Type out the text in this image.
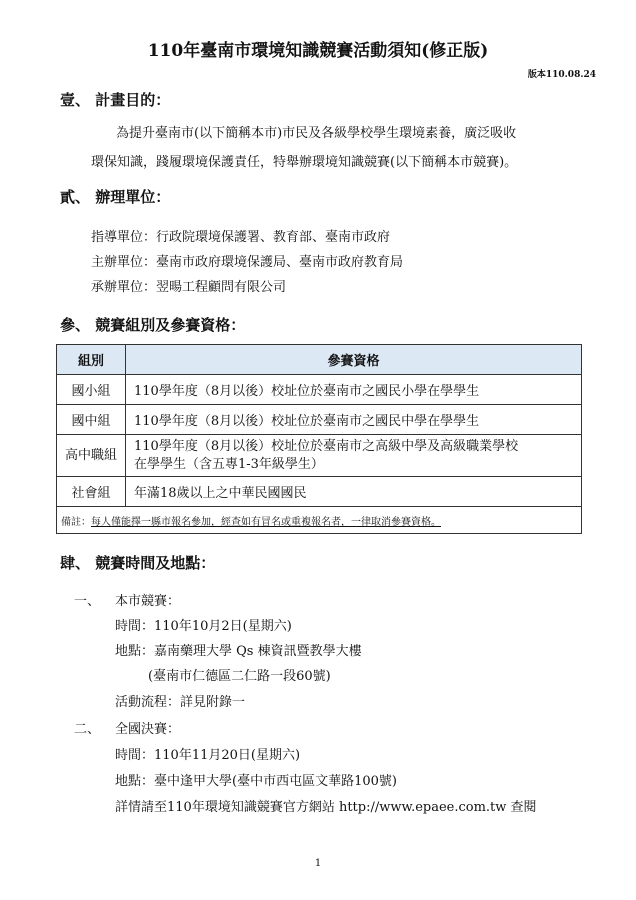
110年臺南市環境知識競賽活動須知(修正版)
版本110.08.24
壹、 計畫目的：
為提升臺南市(以下簡稱本市)市民及各級學校學生環境素養，廣泛吸收
環保知識，踐履環境保護責任，特舉辦環境知識競賽(以下簡稱本市競賽)。
貳、 辦理單位：
指導單位：行政院環境保護署、教育部、臺南市政府
主辦單位：臺南市政府環境保護局、臺南市政府教育局
承辦單位：翌暘工程顧問有限公司
參、 競賽組別及參賽資格：
組別	參賽資格
國小組	110學年度（8月以後）校址位於臺南市之國民小學在學學生
國中組	110學年度（8月以後）校址位於臺南市之國民中學在學學生
高中職組	110學年度（8月以後）校址位於臺南市之高級中學及高級職業學校
在學學生（含五專1-3年級學生）

社會組	年滿18歲以上之中華民國國民
備註：每人僅能擇一縣市報名參加，經查如有冒名或重複報名者，一律取消參賽資格。	
肆、 競賽時間及地點：
一、 本市競賽：
時間：110年10月2日(星期六)
地點：嘉南藥理大學 Qs 棟資訊暨教學大樓
(臺南市仁德區二仁路一段60號)
活動流程：詳見附錄一
二、 全國決賽：
時間：110年11月20日(星期六)
地點：臺中逢甲大學(臺中市西屯區文華路100號)
詳情請至110年環境知識競賽官方網站 http://www.epaee.com.tw 查閱
1
